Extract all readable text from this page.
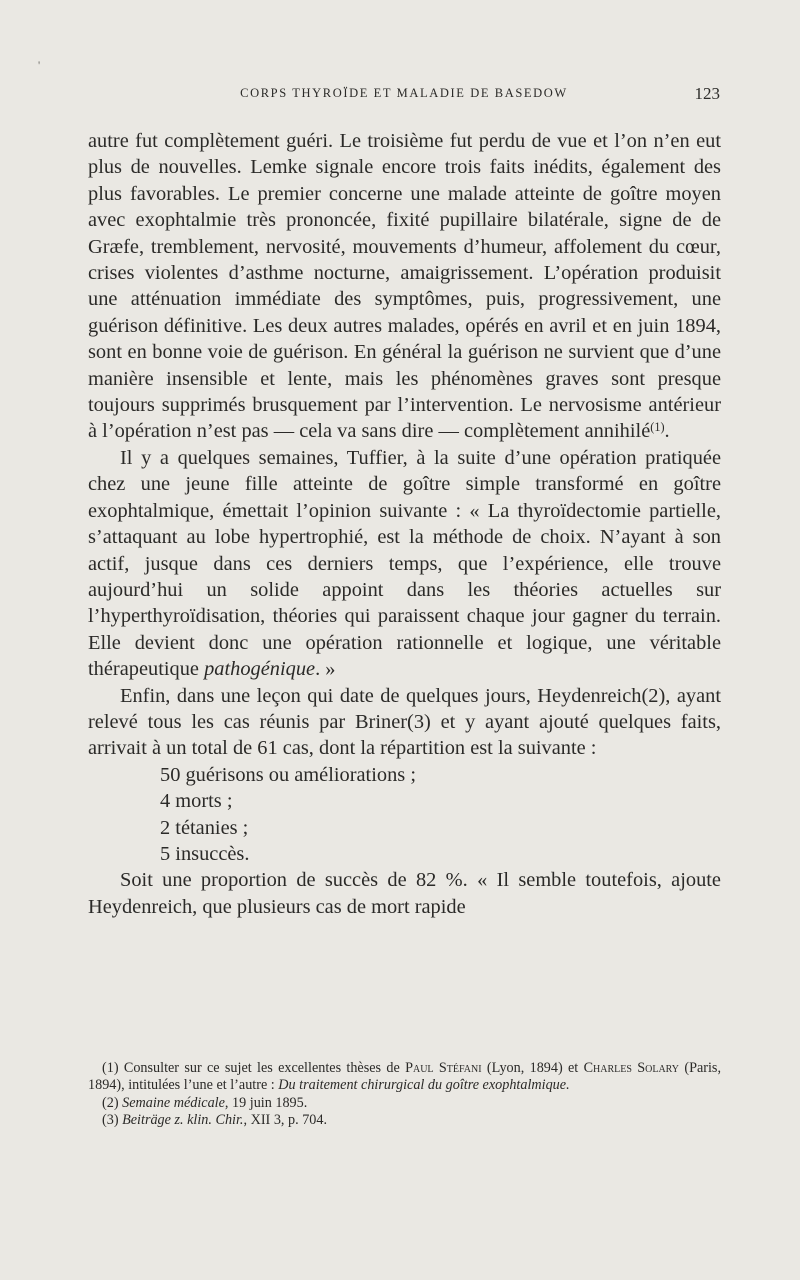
'
CORPS THYROÏDE ET MALADIE DE BASEDOW	123

autre fut complètement guéri. Le troisième fut perdu de vue et l’on n’en eut plus de nouvelles. Lemke signale encore trois faits inédits, également des plus favorables. Le premier concerne une malade atteinte de goître moyen avec exophtalmie très prononcée, fixité pupillaire bilatérale, signe de de Græfe, tremblement, nervosité, mouvements d’humeur, affolement du cœur, crises violentes d’asthme nocturne, amaigrissement. L’opération produisit une atténuation immédiate des symptômes, puis, progressivement, une guérison définitive. Les deux autres malades, opérés en avril et en juin 1894, sont en bonne voie de guérison. En général la guérison ne survient que d’une manière insensible et lente, mais les phénomènes graves sont presque toujours supprimés brusquement par l’intervention. Le nervosisme antérieur à l’opération n’est pas — cela va sans dire — complètement annihilé$^{(1)}$.

Il y a quelques semaines, Tuffier, à la suite d’une opération pratiquée chez une jeune fille atteinte de goître simple transformé en goître exophtalmique, émettait l’opinion suivante : « La thyroïdectomie partielle, s’attaquant au lobe hypertrophié, est la méthode de choix. N’ayant à son actif, jusque dans ces derniers temps, que l’expérience, elle trouve aujourd’hui un solide appoint dans les théories actuelles sur l’hyperthyroïdisation, théories qui paraissent chaque jour gagner du terrain. Elle devient donc une opération rationnelle et logique, une véritable thérapeutique pathogénique. »

Enfin, dans une leçon qui date de quelques jours, Heydenreich(2), ayant relevé tous les cas réunis par Briner(3) et y ayant ajouté quelques faits, arrivait à un total de 61 cas, dont la répartition est la suivante :

50 guérisons ou améliorations ;
4 morts ;
2 tétanies ;
5 insuccès.

Soit une proportion de succès de 82 %. « Il semble toutefois, ajoute Heydenreich, que plusieurs cas de mort rapide

(1) Consulter sur ce sujet les excellentes thèses de Paul Stéfani (Lyon, 1894) et Charles Solary (Paris, 1894), intitulées l’une et l’autre : Du traitement chirurgical du goître exophtalmique.

(2) Semaine médicale, 19 juin 1895.

(3) Beiträge z. klin. Chir., XII 3, p. 704.
